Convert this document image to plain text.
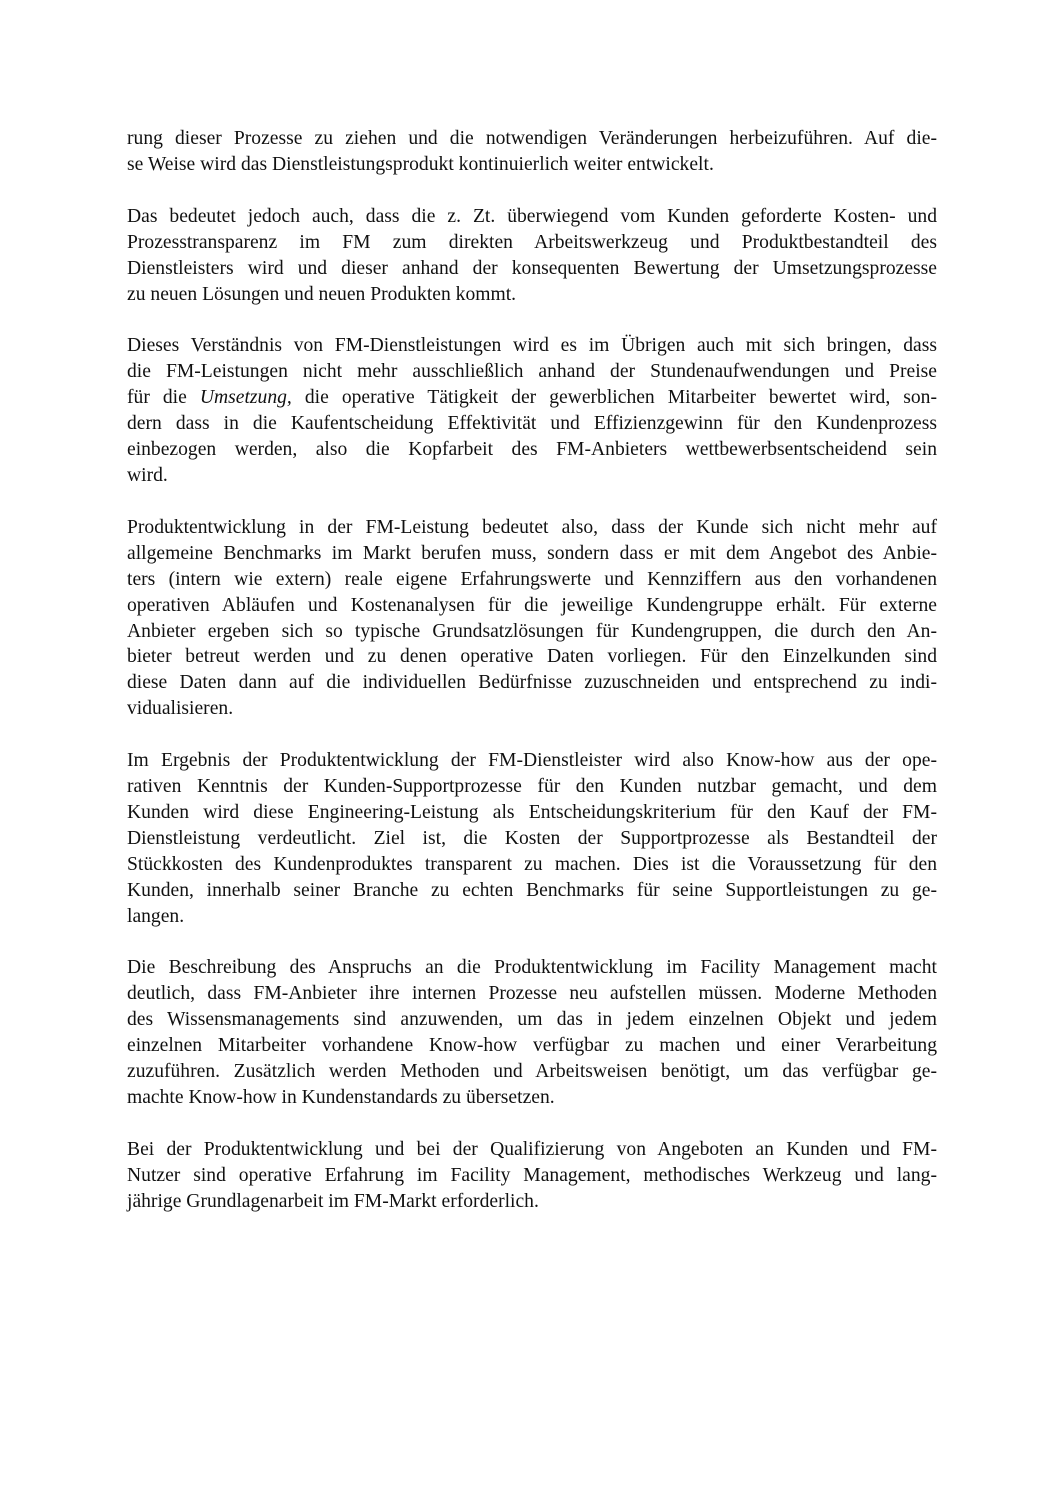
rung dieser Prozesse zu ziehen und die notwendigen Veränderungen herbeizuführen. Auf die-
se Weise wird das Dienstleistungsprodukt kontinuierlich weiter entwickelt.

Das bedeutet jedoch auch, dass die z. Zt. überwiegend vom Kunden geforderte Kosten- und
Prozesstransparenz im FM zum direkten Arbeitswerkzeug und Produktbestandteil des
Dienstleisters wird und dieser anhand der konsequenten Bewertung der Umsetzungsprozesse
zu neuen Lösungen und neuen Produkten kommt.

Dieses Verständnis von FM-Dienstleistungen wird es im Übrigen auch mit sich bringen, dass
die FM-Leistungen nicht mehr ausschließlich anhand der Stundenaufwendungen und Preise
für die Umsetzung, die operative Tätigkeit der gewerblichen Mitarbeiter bewertet wird, son-
dern dass in die Kaufentscheidung Effektivität und Effizienzgewinn für den Kundenprozess
einbezogen werden, also die Kopfarbeit des FM-Anbieters wettbewerbsentscheidend sein
wird.

Produktentwicklung in der FM-Leistung bedeutet also, dass der Kunde sich nicht mehr auf
allgemeine Benchmarks im Markt berufen muss, sondern dass er mit dem Angebot des Anbie-
ters (intern wie extern) reale eigene Erfahrungswerte und Kennziffern aus den vorhandenen
operativen Abläufen und Kostenanalysen für die jeweilige Kundengruppe erhält. Für externe
Anbieter ergeben sich so typische Grundsatzlösungen für Kundengruppen, die durch den An-
bieter betreut werden und zu denen operative Daten vorliegen. Für den Einzelkunden sind
diese Daten dann auf die individuellen Bedürfnisse zuzuschneiden und entsprechend zu indi-
vidualisieren.

Im Ergebnis der Produktentwicklung der FM-Dienstleister wird also Know-how aus der ope-
rativen Kenntnis der Kunden-Supportprozesse für den Kunden nutzbar gemacht, und dem
Kunden wird diese Engineering-Leistung als Entscheidungskriterium für den Kauf der FM-
Dienstleistung verdeutlicht. Ziel ist, die Kosten der Supportprozesse als Bestandteil der
Stückkosten des Kundenproduktes transparent zu machen. Dies ist die Voraussetzung für den
Kunden, innerhalb seiner Branche zu echten Benchmarks für seine Supportleistungen zu ge-
langen.

Die Beschreibung des Anspruchs an die Produktentwicklung im Facility Management macht
deutlich, dass FM-Anbieter ihre internen Prozesse neu aufstellen müssen. Moderne Methoden
des Wissensmanagements sind anzuwenden, um das in jedem einzelnen Objekt und jedem
einzelnen Mitarbeiter vorhandene Know-how verfügbar zu machen und einer Verarbeitung
zuzuführen. Zusätzlich werden Methoden und Arbeitsweisen benötigt, um das verfügbar ge-
machte Know-how in Kundenstandards zu übersetzen.

Bei der Produktentwicklung und bei der Qualifizierung von Angeboten an Kunden und FM-
Nutzer sind operative Erfahrung im Facility Management, methodisches Werkzeug und lang-
jährige Grundlagenarbeit im FM-Markt erforderlich.
